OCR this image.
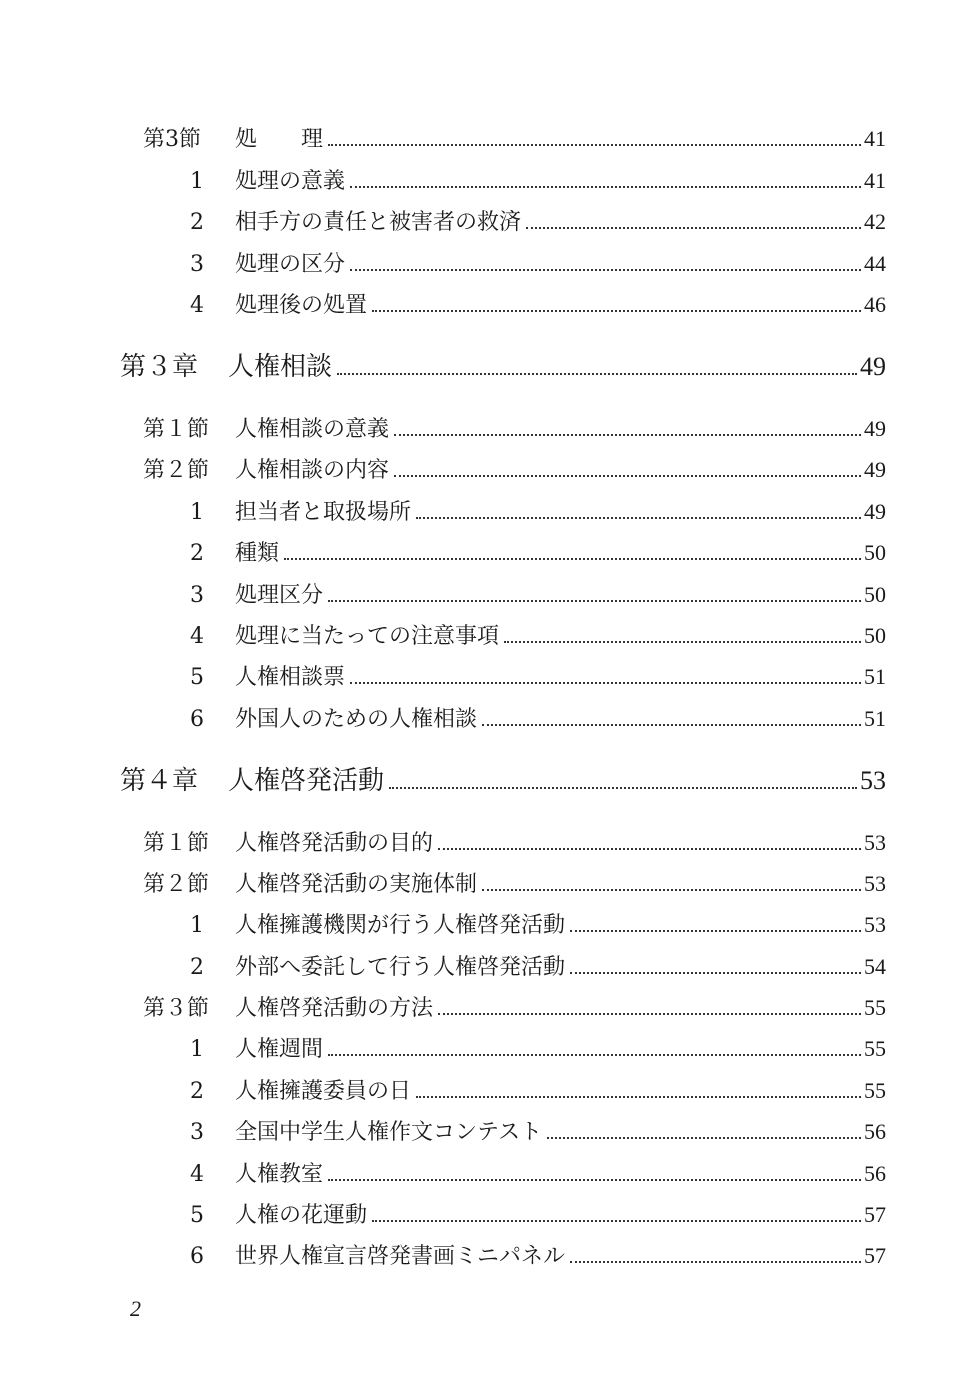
第3節	処　　理	41
1	処理の意義	41
2	相手方の責任と被害者の救済	42
3	処理の区分	44
4	処理後の処置	46
第３章	人権相談	49
第１節	人権相談の意義	49
第２節	人権相談の内容	49
1	担当者と取扱場所	49
2	種類	50
3	処理区分	50
4	処理に当たっての注意事項	50
5	人権相談票	51
6	外国人のための人権相談	51
第４章	人権啓発活動	53
第１節	人権啓発活動の目的	53
第２節	人権啓発活動の実施体制	53
1	人権擁護機関が行う人権啓発活動	53
2	外部へ委託して行う人権啓発活動	54
第３節	人権啓発活動の方法	55
1	人権週間	55
2	人権擁護委員の日	55
3	全国中学生人権作文コンテスト	56
4	人権教室	56
5	人権の花運動	57
6	世界人権宣言啓発書画ミニパネル	57
2
